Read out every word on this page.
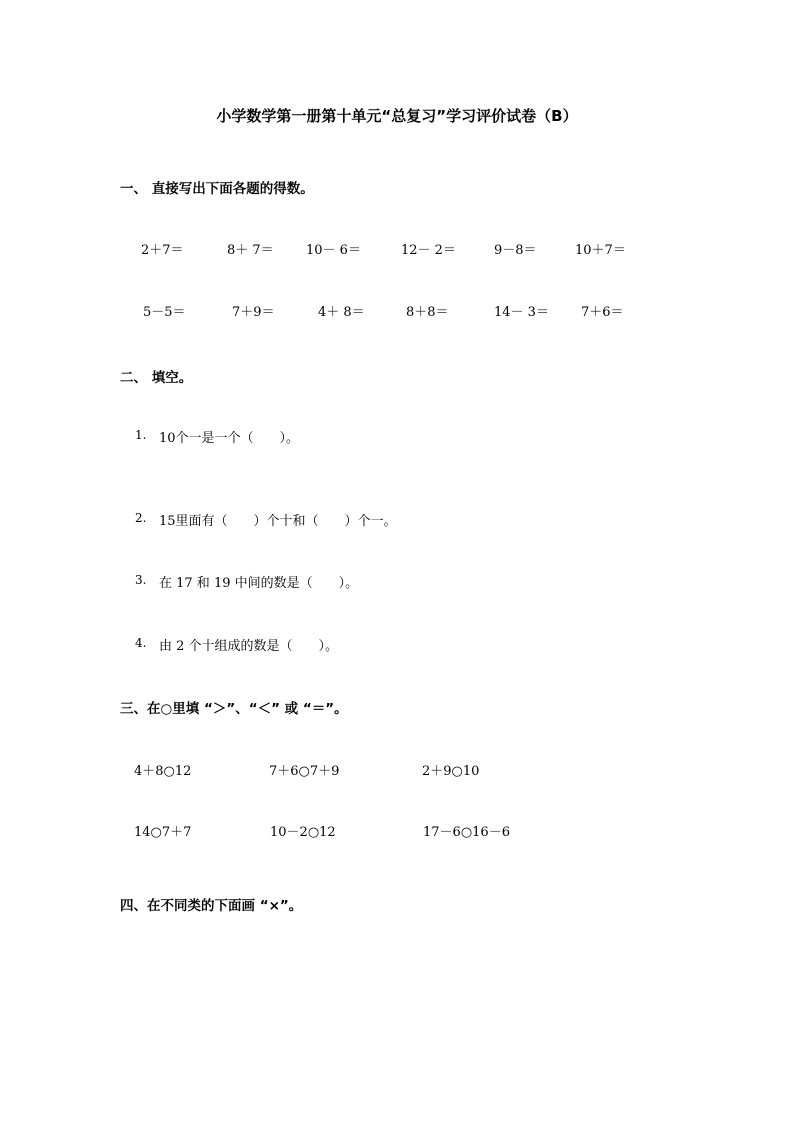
小学数学第一册第十单元“总复习”学习评价试卷（B）
一、 直接写出下面各题的得数。
2＋7＝	8＋ 7＝ 10－ 6＝	12－ 2＝	9－8＝	10＋7＝
5－5＝	7＋9＝	4＋ 8＝	8＋8＝	14－ 3＝ 7＋6＝
二、 填空。
1. 10个一是一个（　　）。
2. 15里面有（　　）个十和（　　）个一。
3. 在 17 和 19 中间的数是（　　）。
4. 由 2 个十组成的数是（　　）。
三、在○里填 “＞”、“＜” 或 “＝”。
4＋8○12	7＋6○7＋9	2＋9○10
14○7＋7	10－2○12	17－6○16－6
四、在不同类的下面画 “×”。
